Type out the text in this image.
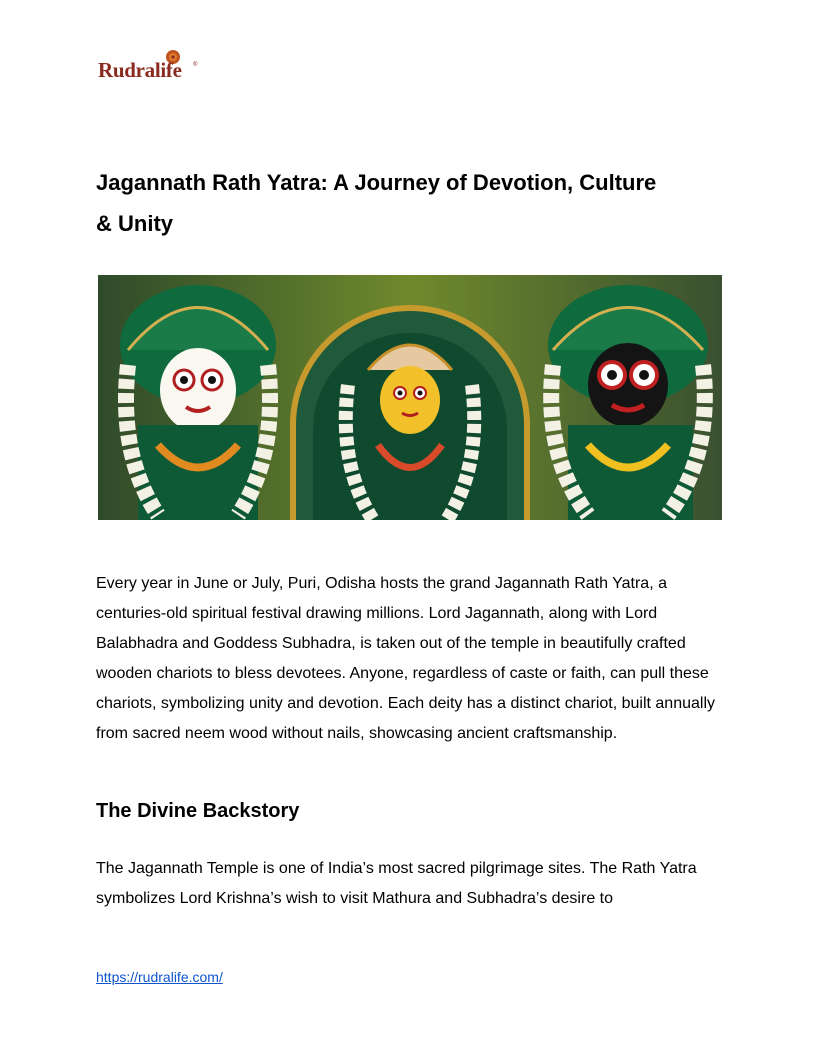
Rudralife ®
Jagannath Rath Yatra: A Journey of Devotion, Culture
& Unity

Every year in June or July, Puri, Odisha hosts the grand Jagannath Rath Yatra, a centuries-old spiritual festival drawing millions. Lord Jagannath, along with Lord Balabhadra and Goddess Subhadra, is taken out of the temple in beautifully crafted wooden chariots to bless devotees. Anyone, regardless of caste or faith, can pull these chariots, symbolizing unity and devotion. Each deity has a distinct chariot, built annually from sacred neem wood without nails, showcasing ancient craftsmanship.

The Divine Backstory

The Jagannath Temple is one of India’s most sacred pilgrimage sites. The Rath Yatra symbolizes Lord Krishna’s wish to visit Mathura and Subhadra’s desire to

https://rudralife.com/
